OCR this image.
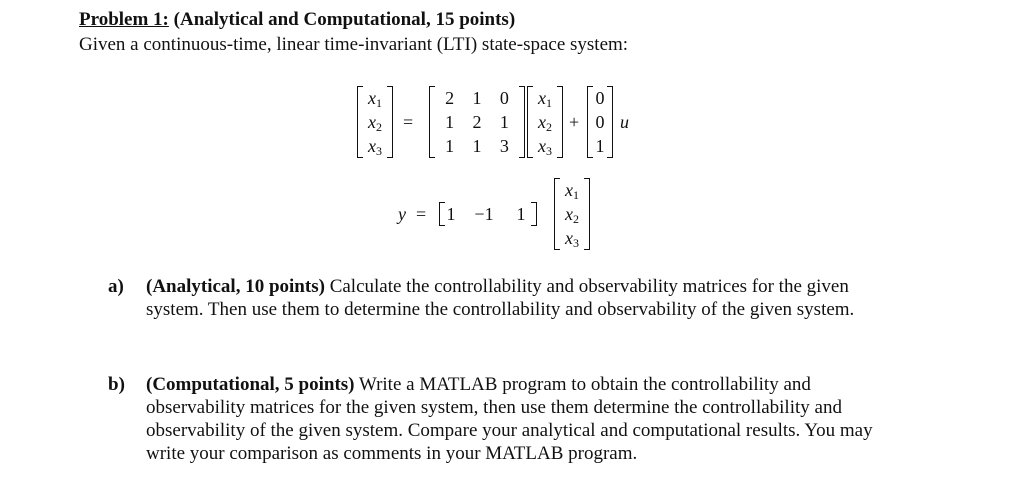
Problem 1: (Analytical and Computational, 15 points)
Given a continuous-time, linear time-invariant (LTI) state-space system:
$x_1$
$x_2$
$x_3$
=
2 1 0
1 2 1
1 1 3
$x_1$
$x_2$
$x_3$
+
0
0
1
u
y = 1 −1 1
$x_1$
$x_2$
$x_3$
a) (Analytical, 10 points) Calculate the controllability and observability matrices for the given system. Then use them to determine the controllability and observability of the given system.
b) (Computational, 5 points) Write a MATLAB program to obtain the controllability and observability matrices for the given system, then use them determine the controllability and observability of the given system. Compare your analytical and computational results. You may write your comparison as comments in your MATLAB program.
